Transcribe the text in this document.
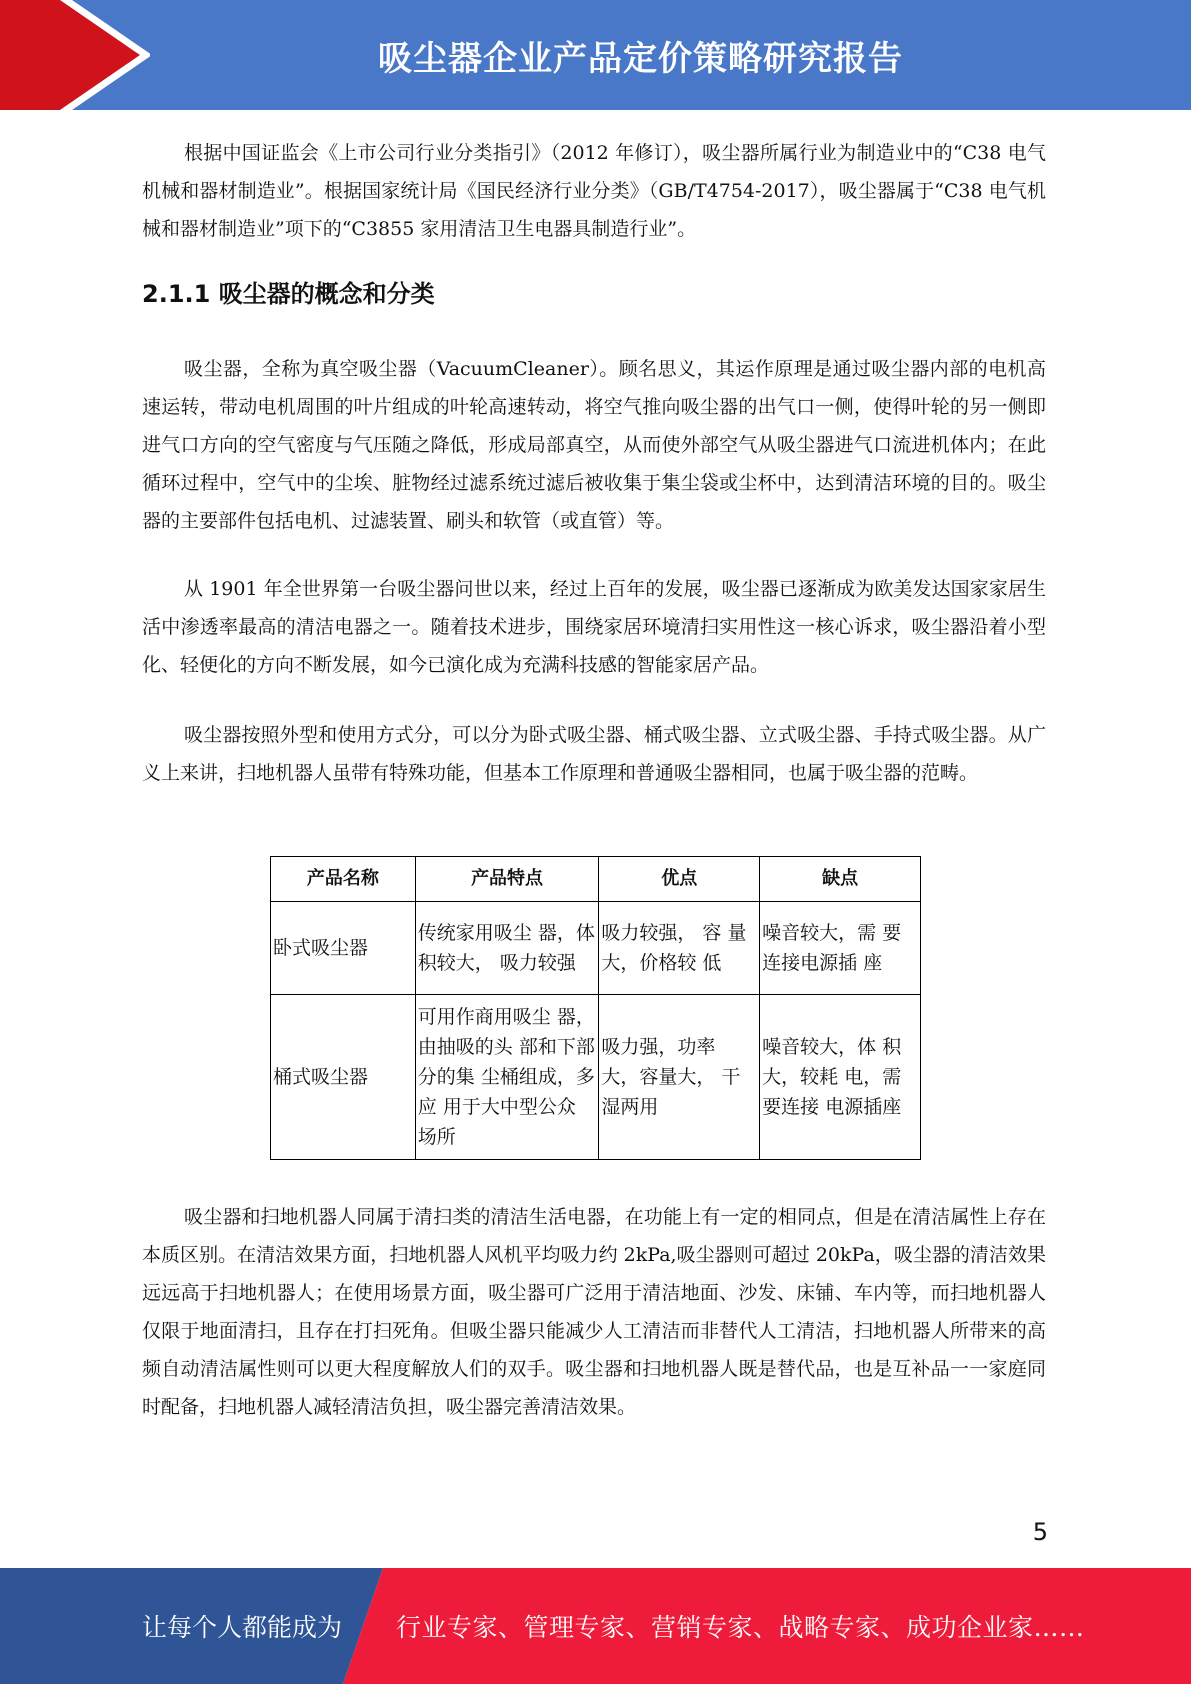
吸尘器企业产品定价策略研究报告

根据中国证监会《上市公司行业分类指引》（2012 年修订），吸尘器所属行业为制造业中的“C38 电气机械和器材制造业”。根据国家统计局《国民经济行业分类》（GB/T4754-2017），吸尘器属于“C38 电气机械和器材制造业”项下的“C3855 家用清洁卫生电器具制造行业”。

2.1.1 吸尘器的概念和分类

吸尘器，全称为真空吸尘器（VacuumCleaner）。顾名思义，其运作原理是通过吸尘器内部的电机高速运转，带动电机周围的叶片组成的叶轮高速转动，将空气推向吸尘器的出气口一侧，使得叶轮的另一侧即进气口方向的空气密度与气压随之降低，形成局部真空，从而使外部空气从吸尘器进气口流进机体内；在此循环过程中，空气中的尘埃、脏物经过滤系统过滤后被收集于集尘袋或尘杯中，达到清洁环境的目的。吸尘器的主要部件包括电机、过滤装置、刷头和软管（或直管）等。

从 1901 年全世界第一台吸尘器问世以来，经过上百年的发展，吸尘器已逐渐成为欧美发达国家家居生活中渗透率最高的清洁电器之一。随着技术进步，围绕家居环境清扫实用性这一核心诉求，吸尘器沿着小型化、轻便化的方向不断发展，如今已演化成为充满科技感的智能家居产品。

吸尘器按照外型和使用方式分，可以分为卧式吸尘器、桶式吸尘器、立式吸尘器、手持式吸尘器。从广义上来讲，扫地机器人虽带有特殊功能，但基本工作原理和普通吸尘器相同，也属于吸尘器的范畴。

产品名称	产品特点	优点	缺点
卧式吸尘器	传统家用吸尘 器，体积较大， 吸力较强	吸力较强， 容 量大，价格较 低	噪音较大，需 要连接电源插 座
桶式吸尘器	可用作商用吸尘 器，由抽吸的头 部和下部分的集 尘桶组成，多应 用于大中型公众 场所	吸力强，功率 大，容量大， 干湿两用	噪音较大，体 积大，较耗 电，需要连接 电源插座

吸尘器和扫地机器人同属于清扫类的清洁生活电器，在功能上有一定的相同点，但是在清洁属性上存在本质区别。在清洁效果方面，扫地机器人风机平均吸力约 2kPa,吸尘器则可超过 20kPa，吸尘器的清洁效果远远高于扫地机器人；在使用场景方面，吸尘器可广泛用于清洁地面、沙发、床铺、车内等，而扫地机器人仅限于地面清扫，且存在打扫死角。但吸尘器只能减少人工清洁而非替代人工清洁，扫地机器人所带来的高频自动清洁属性则可以更大程度解放人们的双手。吸尘器和扫地机器人既是替代品，也是互补品一一家庭同时配备，扫地机器人减轻清洁负担，吸尘器完善清洁效果。

5
让每个人都能成为 行业专家、管理专家、营销专家、战略专家、成功企业家……
